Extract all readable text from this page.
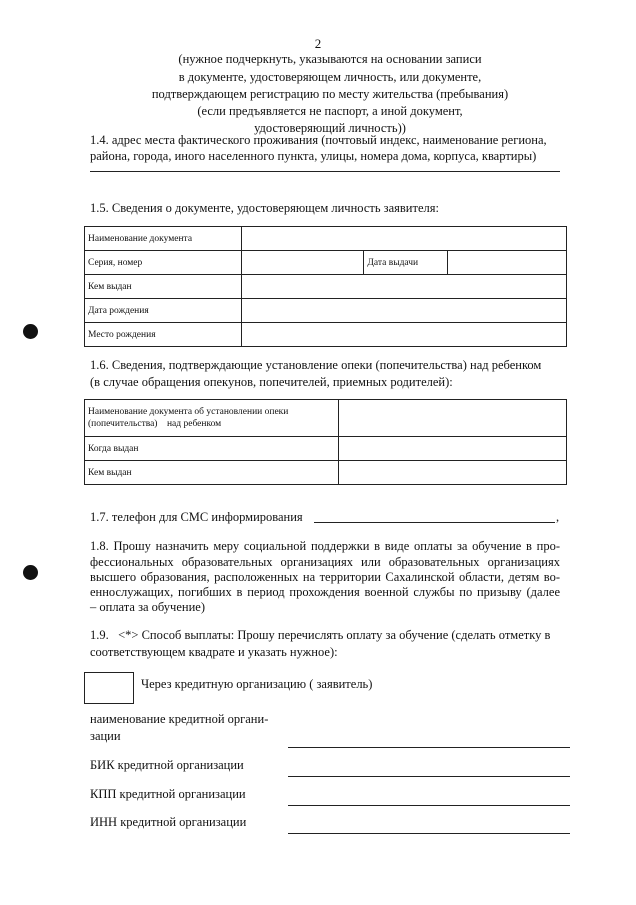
2
(нужное подчеркнуть, указываются на основании записи
в документе, удостоверяющем личность, или документе,
подтверждающем регистрацию по месту жительства (пребывания)
(если предъявляется не паспорт, а иной документ,
удостоверяющий личность))
1.4. адрес места фактического проживания (почтовый индекс, наименование региона,
района, города, иного населенного пункта, улицы, номера дома, корпуса, квартиры)
1.5. Сведения о документе, удостоверяющем личность заявителя:
Наименование документа			
Серия, номер		Дата выдачи	
Кем выдан			
Дата рождения			
Место рождения			
1.6. Сведения, подтверждающие установление опеки (попечительства) над ребенком
(в случае обращения опекунов, попечителей, приемных родителей):
Наименование документа об установлении опеки
(попечительства)    над ребенком	

Когда выдан	
Кем выдан	
1.7. телефон для СМС информирования	,
1.8. Прошу назначить меру социальной поддержки в виде оплаты за обучение в про-
фессиональных образовательных организациях или образовательных организациях
высшего образования, расположенных на территории Сахалинской области, детям во-
еннослужащих, погибших в период прохождения военной службы по призыву (далее
– оплата за обучение)
1.9.   <*> Способ выплаты: Прошу перечислять оплату за обучение (сделать отметку в
соответствующем квадрате и указать нужное):
Через кредитную организацию ( заявитель)
наименование кредитной органи-
зации
БИК кредитной организации
КПП кредитной организации
ИНН кредитной организации
